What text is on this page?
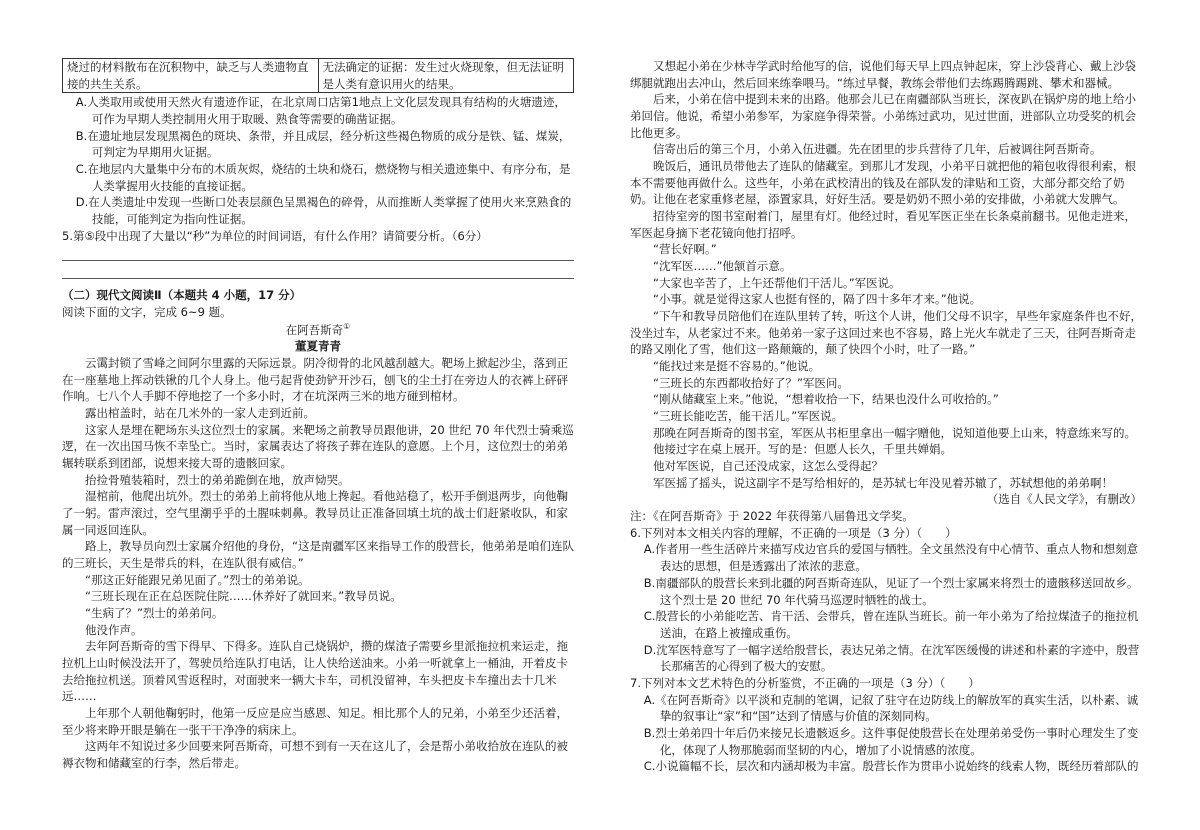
烧过的材料散布在沉积物中，缺乏与人类遗物直接的共生关系。	无法确定的证据：发生过火烧现象，但无法证明是人类有意识用火的结果。

A.人类取用或使用天然火有遗迹作证，在北京周口店第1地点上文化层发现具有结构的火塘遗迹，可作为早期人类控制用火用于取暖、熟食等需要的确凿证据。

B.在遗址地层发现黑褐色的斑块、条带，并且成层，经分析这些褐色物质的成分是铁、锰、煤炭，可判定为早期用火证据。

C.在地层内大量集中分布的木质灰烬，烧结的土块和烧石，燃烧物与相关遗迹集中、有序分布，是人类掌握用火技能的直接证据。

D.在人类遗址中发现一些断口处表层颜色呈黑褐色的碎骨，从而推断人类掌握了使用火来烹熟食的技能，可能判定为指向性证据。

5.第⑤段中出现了大量以“秒”为单位的时间词语，有什么作用？请简要分析。（6分）

（二）现代文阅读Ⅱ（本题共 4 小题，17 分）

阅读下面的文字，完成 6~9 题。

在阿吾斯奇①

董夏青青

云霭封锁了雪峰之间阿尔里露的天际远景。阴冷彻骨的北风越刮越大。靶场上掀起沙尘，落到正在一座墓地上挥动铁锹的几个人身上。他弓起背使劲铲开沙石，刨飞的尘土打在旁边人的衣裤上砰砰作响。七八个人手脚不停地挖了一个多小时，才在坑深两三米的地方碰到棺材。

露出棺盖时，站在几米外的一家人走到近前。

这家人是埋在靶场东头这位烈士的家属。来靶场之前教导员跟他讲，20 世纪 70 年代烈士骑乘巡逻，在一次出国马恢不幸坠亡。当时，家属表达了将孩子葬在连队的意愿。上个月，这位烈士的弟弟辗转联系到团部，说想来接大哥的遗骸回家。

抬捡骨殖装箱时，烈士的弟弟跪倒在地，放声恸哭。

湿棺前，他爬出坑外。烈士的弟弟上前将他从地上搀起。看他站稳了，松开手倒退两步，向他鞠了一躬。雷声滚过，空气里潮乎乎的土腥味刺鼻。教导员让正准备回填土坑的战士们赶紧收队，和家属一同返回连队。

路上，教导员向烈士家属介绍他的身份，“这是南疆军区来指导工作的殷营长，他弟弟是咱们连队的三班长，天生是带兵的料，在连队很有威信。”

“那这正好能跟兄弟见面了。”烈士的弟弟说。

“三班长现在正在总医院住院……休养好了就回来。”教导员说。

“生病了？”烈士的弟弟问。

他没作声。

去年阿吾斯奇的雪下得早、下得多。连队自己烧锅炉，攒的煤渣子需要乡里派拖拉机来运走，拖拉机上山时候没法开了，驾驶员给连队打电话，让人快给送油来。小弟一听就拿上一桶油，开着皮卡去给拖拉机送。顶着风雪返程时，对面驶来一辆大卡车，司机没留神，车头把皮卡车撞出去十几米远……

上年那个人朝他鞠躬时，他第一反应是应当感恩、知足。相比那个人的兄弟，小弟至少还活着，至少将来睁开眼是躺在一张干干净净的病床上。

这两年不知说过多少回要来阿吾斯奇，可想不到有一天在这儿了，会是帮小弟收拾放在连队的被褥衣物和储藏室的行李，然后带走。

又想起小弟在少林寺学武时给他写的信，说他们每天早上四点钟起床，穿上沙袋背心、戴上沙袋绑腿就跑出去冲山，然后回来练拳喂马。“练过早餐，教练会带他们去练踢腾踢跳、攀术和器械。

后来，小弟在信中提到未来的出路。他那会儿已在南疆部队当班长，深夜趴在锅炉房的地上给小弟回信。他说，希望小弟参军，为家庭争得荣誉。小弟练过武功，见过世面，进部队立功受奖的机会比他更多。

信寄出后的第三个月，小弟入伍进疆。先在团里的步兵营待了几年，后被调往阿吾斯奇。

晚饭后，通讯员带他去了连队的储藏室。到那儿才发现，小弟平日就把他的箱包收得很利索，根本不需要他再做什么。这些年，小弟在武校清出的钱及在部队发的津贴和工资，大部分都交给了奶奶。让他在老家重修老屋，添置家具，好好生活。要是奶奶不照小弟的安排做，小弟就大发脾气。

招待室旁的图书室耐着门，屋里有灯。他经过时，看见军医正坐在长条桌前翻书。见他走进来，军医起身摘下老花镜向他打招呼。

“营长好啊。”

“沈军医……”他颔首示意。

“大家也辛苦了，上午还帮他们干活儿。”军医说。

“小事。就是觉得这家人也挺有怪的，隔了四十多年才来。”他说。

“下午和教导员陪他们在连队里转了转，听这个人讲，他们父母不识字，早些年家庭条件也不好，没坐过车，从老家过不来。他弟弟一家子这回过来也不容易，路上光火车就走了三天，往阿吾斯奇走的路又刚化了雪，他们这一路颠簸的，颠了快四个小时，吐了一路。”

“能找过来是挺不容易的。”他说。

“三班长的东西都收拾好了？”军医问。

“刚从储藏室上来。”他说，“想着收拾一下，结果也没什么可收拾的。”

“三班长能吃苦，能干活儿。”军医说。

那晚在阿吾斯奇的图书室，军医从书柜里拿出一幅字赠他，说知道他要上山来，特意练来写的。

他接过字在桌上展开。写的是：但愿人长久，千里共婵娟。

他对军医说，自己还没成家，这怎么受得起？

军医摇了摇头，说这副字不是写给相好的，是苏轼七年没见着苏辙了，苏轼想他的弟弟啊！

（选自《人民文学》，有删改）

注：《在阿吾斯奇》于 2022 年获得第八届鲁迅文学奖。

6.下列对本文相关内容的理解，不正确的一项是（3 分）（　　）

A.作者用一些生活碎片来描写戍边官兵的爱国与牺牲。全文虽然没有中心情节、重点人物和想刻意表达的思想，但是透露出了浓浓的悲意。

B.南疆部队的殷营长来到北疆的阿吾斯奇连队，见证了一个烈士家属来将烈士的遗骸移送回故乡。这个烈士是 20 世纪 70 年代骑马巡逻时牺牲的战士。

C.殷营长的小弟能吃苦、肯干活、会带兵，曾在连队当班长。前一年小弟为了给拉煤渣子的拖拉机送油，在路上被撞成重伤。

D.沈军医特意写了一幅字送给殷营长，表达兄弟之情。在沈军医缓慢的讲述和朴素的字迹中，殷营长那痛苦的心得到了极大的安慰。

7.下列对本文艺术特色的分析鉴赏，不正确的一项是（3 分）（　　）

A.《在阿吾斯奇》以平淡和克制的笔调，记叙了驻守在边防线上的解放军的真实生活，以朴素、诚挚的叙事让“家”和“国”达到了情感与价值的深刻同构。

B.烈士弟弟四十年后仍来接兄长遗骸返乡。这件事促使殷营长在处理弟弟受伤一事时心理发生了变化，体现了人物那脆弱而坚韧的内心，增加了小说情感的浓度。

C.小说篇幅不长，层次和内涵却极为丰富。殷营长作为贯串小说始终的线索人物，既经历着部队的
